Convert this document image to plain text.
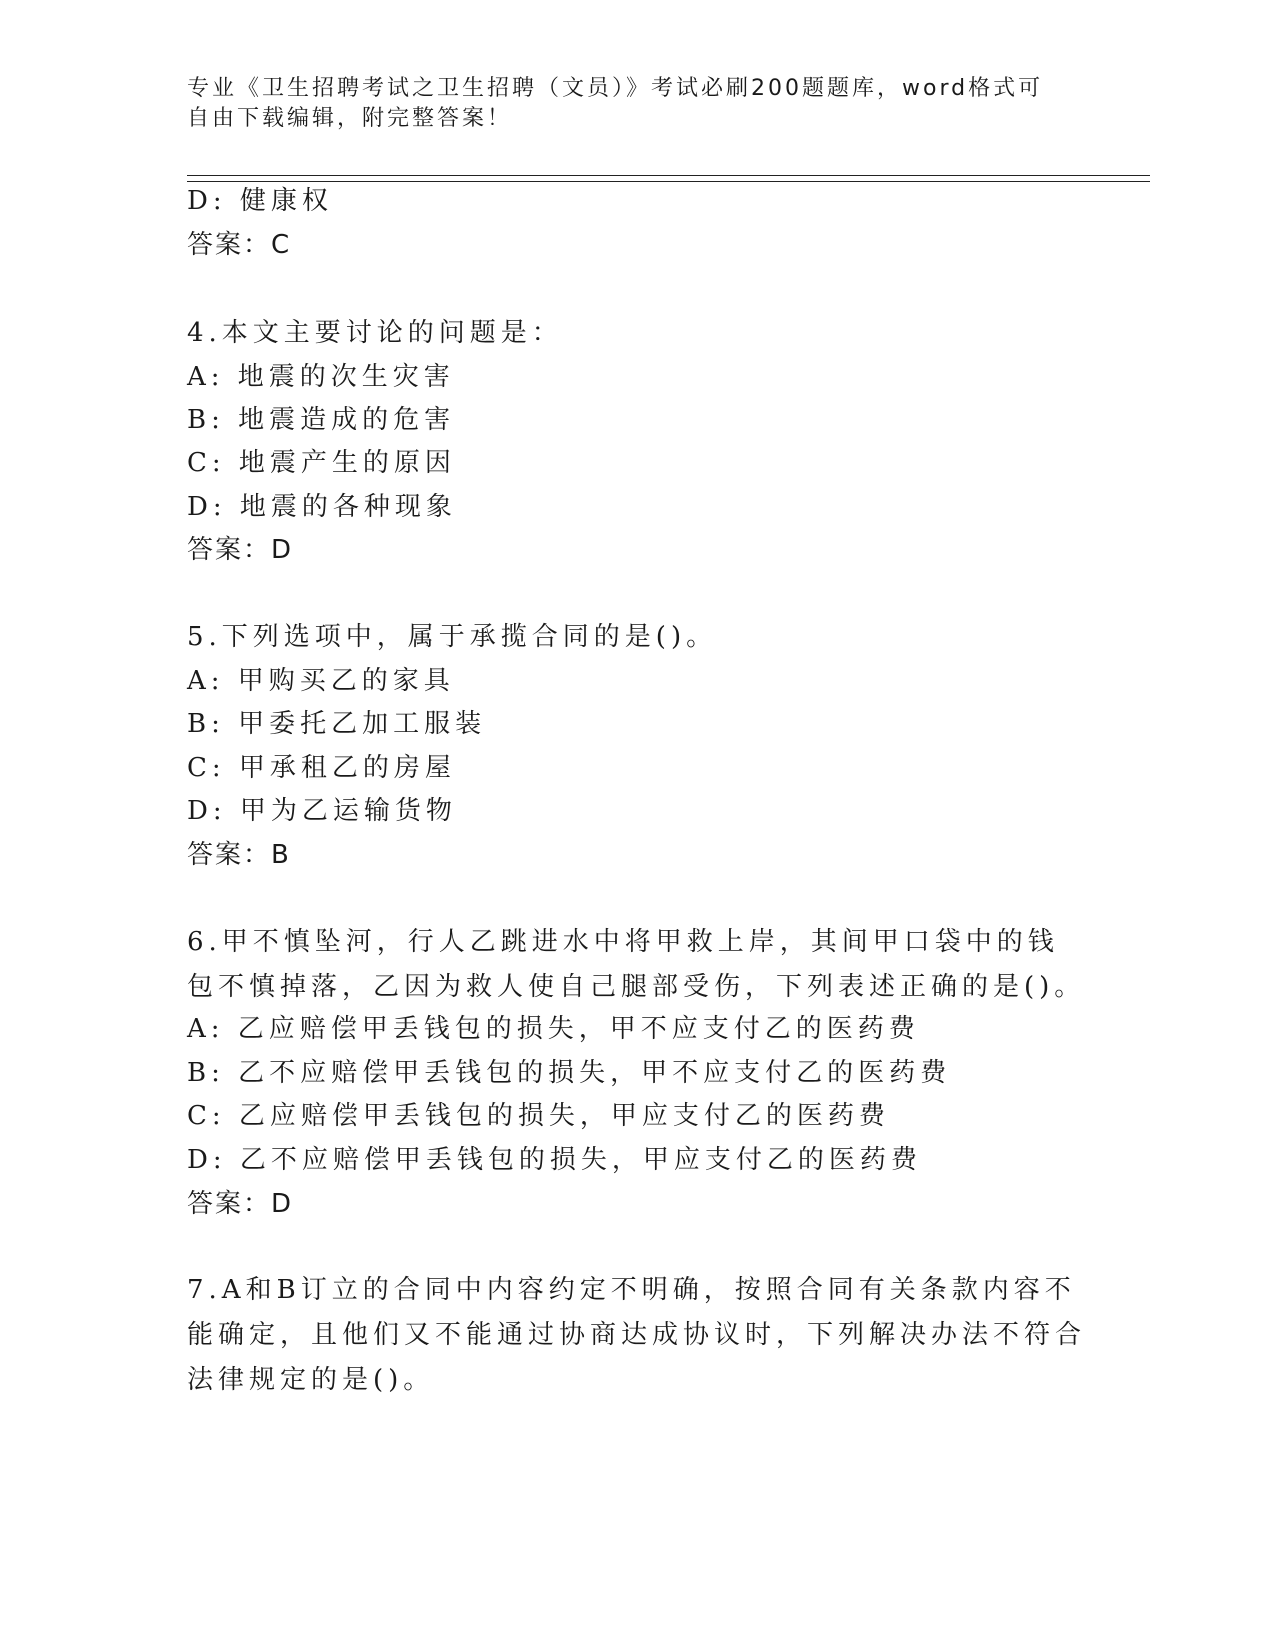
专业《卫生招聘考试之卫生招聘（文员）》考试必刷200题题库，word格式可自由下载编辑，附完整答案！
D: 健康权
答案：C
4.本文主要讨论的问题是：
A: 地震的次生灾害
B: 地震造成的危害
C: 地震产生的原因
D: 地震的各种现象
答案：D
5.下列选项中，属于承揽合同的是()。
A: 甲购买乙的家具
B: 甲委托乙加工服装
C: 甲承租乙的房屋
D: 甲为乙运输货物
答案：B
6.甲不慎坠河，行人乙跳进水中将甲救上岸，其间甲口袋中的钱包不慎掉落，乙因为救人使自己腿部受伤，下列表述正确的是()。
A: 乙应赔偿甲丢钱包的损失，甲不应支付乙的医药费
B: 乙不应赔偿甲丢钱包的损失，甲不应支付乙的医药费
C: 乙应赔偿甲丢钱包的损失，甲应支付乙的医药费
D: 乙不应赔偿甲丢钱包的损失，甲应支付乙的医药费
答案：D
7.A和B订立的合同中内容约定不明确，按照合同有关条款内容不能确定，且他们又不能通过协商达成协议时，下列解决办法不符合法律规定的是()。
